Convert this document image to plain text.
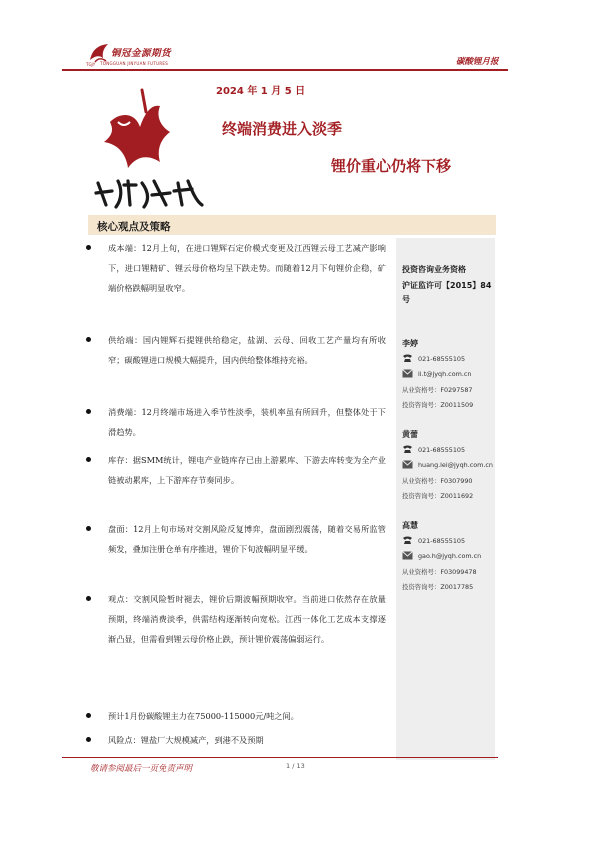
铜冠金源期货
TGJY TONGGUAN JINYUAN FUTURES	碳酸锂月报
2024 年 1 月 5 日
终端消费进入淡季
锂价重心仍将下移
核心观点及策略
成本端：12月上旬，在进口锂辉石定价模式变更及江西锂云母工艺减产影响下，进口锂精矿、锂云母价格均呈下跌走势。而随着12月下旬锂价企稳，矿端价格跌幅明显收窄。
供给端：国内锂辉石提锂供给稳定，盐湖、云母、回收工艺产量均有所收窄；碳酸锂进口规模大幅提升，国内供给整体维持充裕。
消费端：12月终端市场进入季节性淡季，装机率虽有所回升，但整体处于下滑趋势。
库存：据SMM统计，锂电产业链库存已由上游累库、下游去库转变为全产业链被动累库，上下游库存节奏同步。
盘面：12月上旬市场对交割风险反复博弈，盘面剧烈震荡，随着交易所监管频发，叠加注册仓单有序推进，锂价下旬波幅明显平缓。
观点：交割风险暂时褪去，锂价后期波幅预期收窄。当前进口依然存在放量预期，终端消费淡季，供需结构逐渐转向宽松。江西一体化工艺成本支撑逐渐凸显，但需看到锂云母价格止跌，预计锂价震荡偏弱运行。
预计1月份碳酸锂主力在75000-115000元/吨之间。
风险点：锂盐厂大规模减产，到港不及预期
投资咨询业务资格
沪证监许可【2015】84
号
李婷
021-68555105
li.t@jyqh.com.cn
从业资格号：F0297587
投资咨询号：Z0011509
黄蕾
021-68555105
huang.lei@jyqh.com.cn
从业资格号：F0307990
投资咨询号：Z0011692
高慧
021-68555105
gao.h@jyqh.com.cn
从业资格号：F03099478
投资咨询号：Z0017785
敬请参阅最后一页免责声明	1 / 13
